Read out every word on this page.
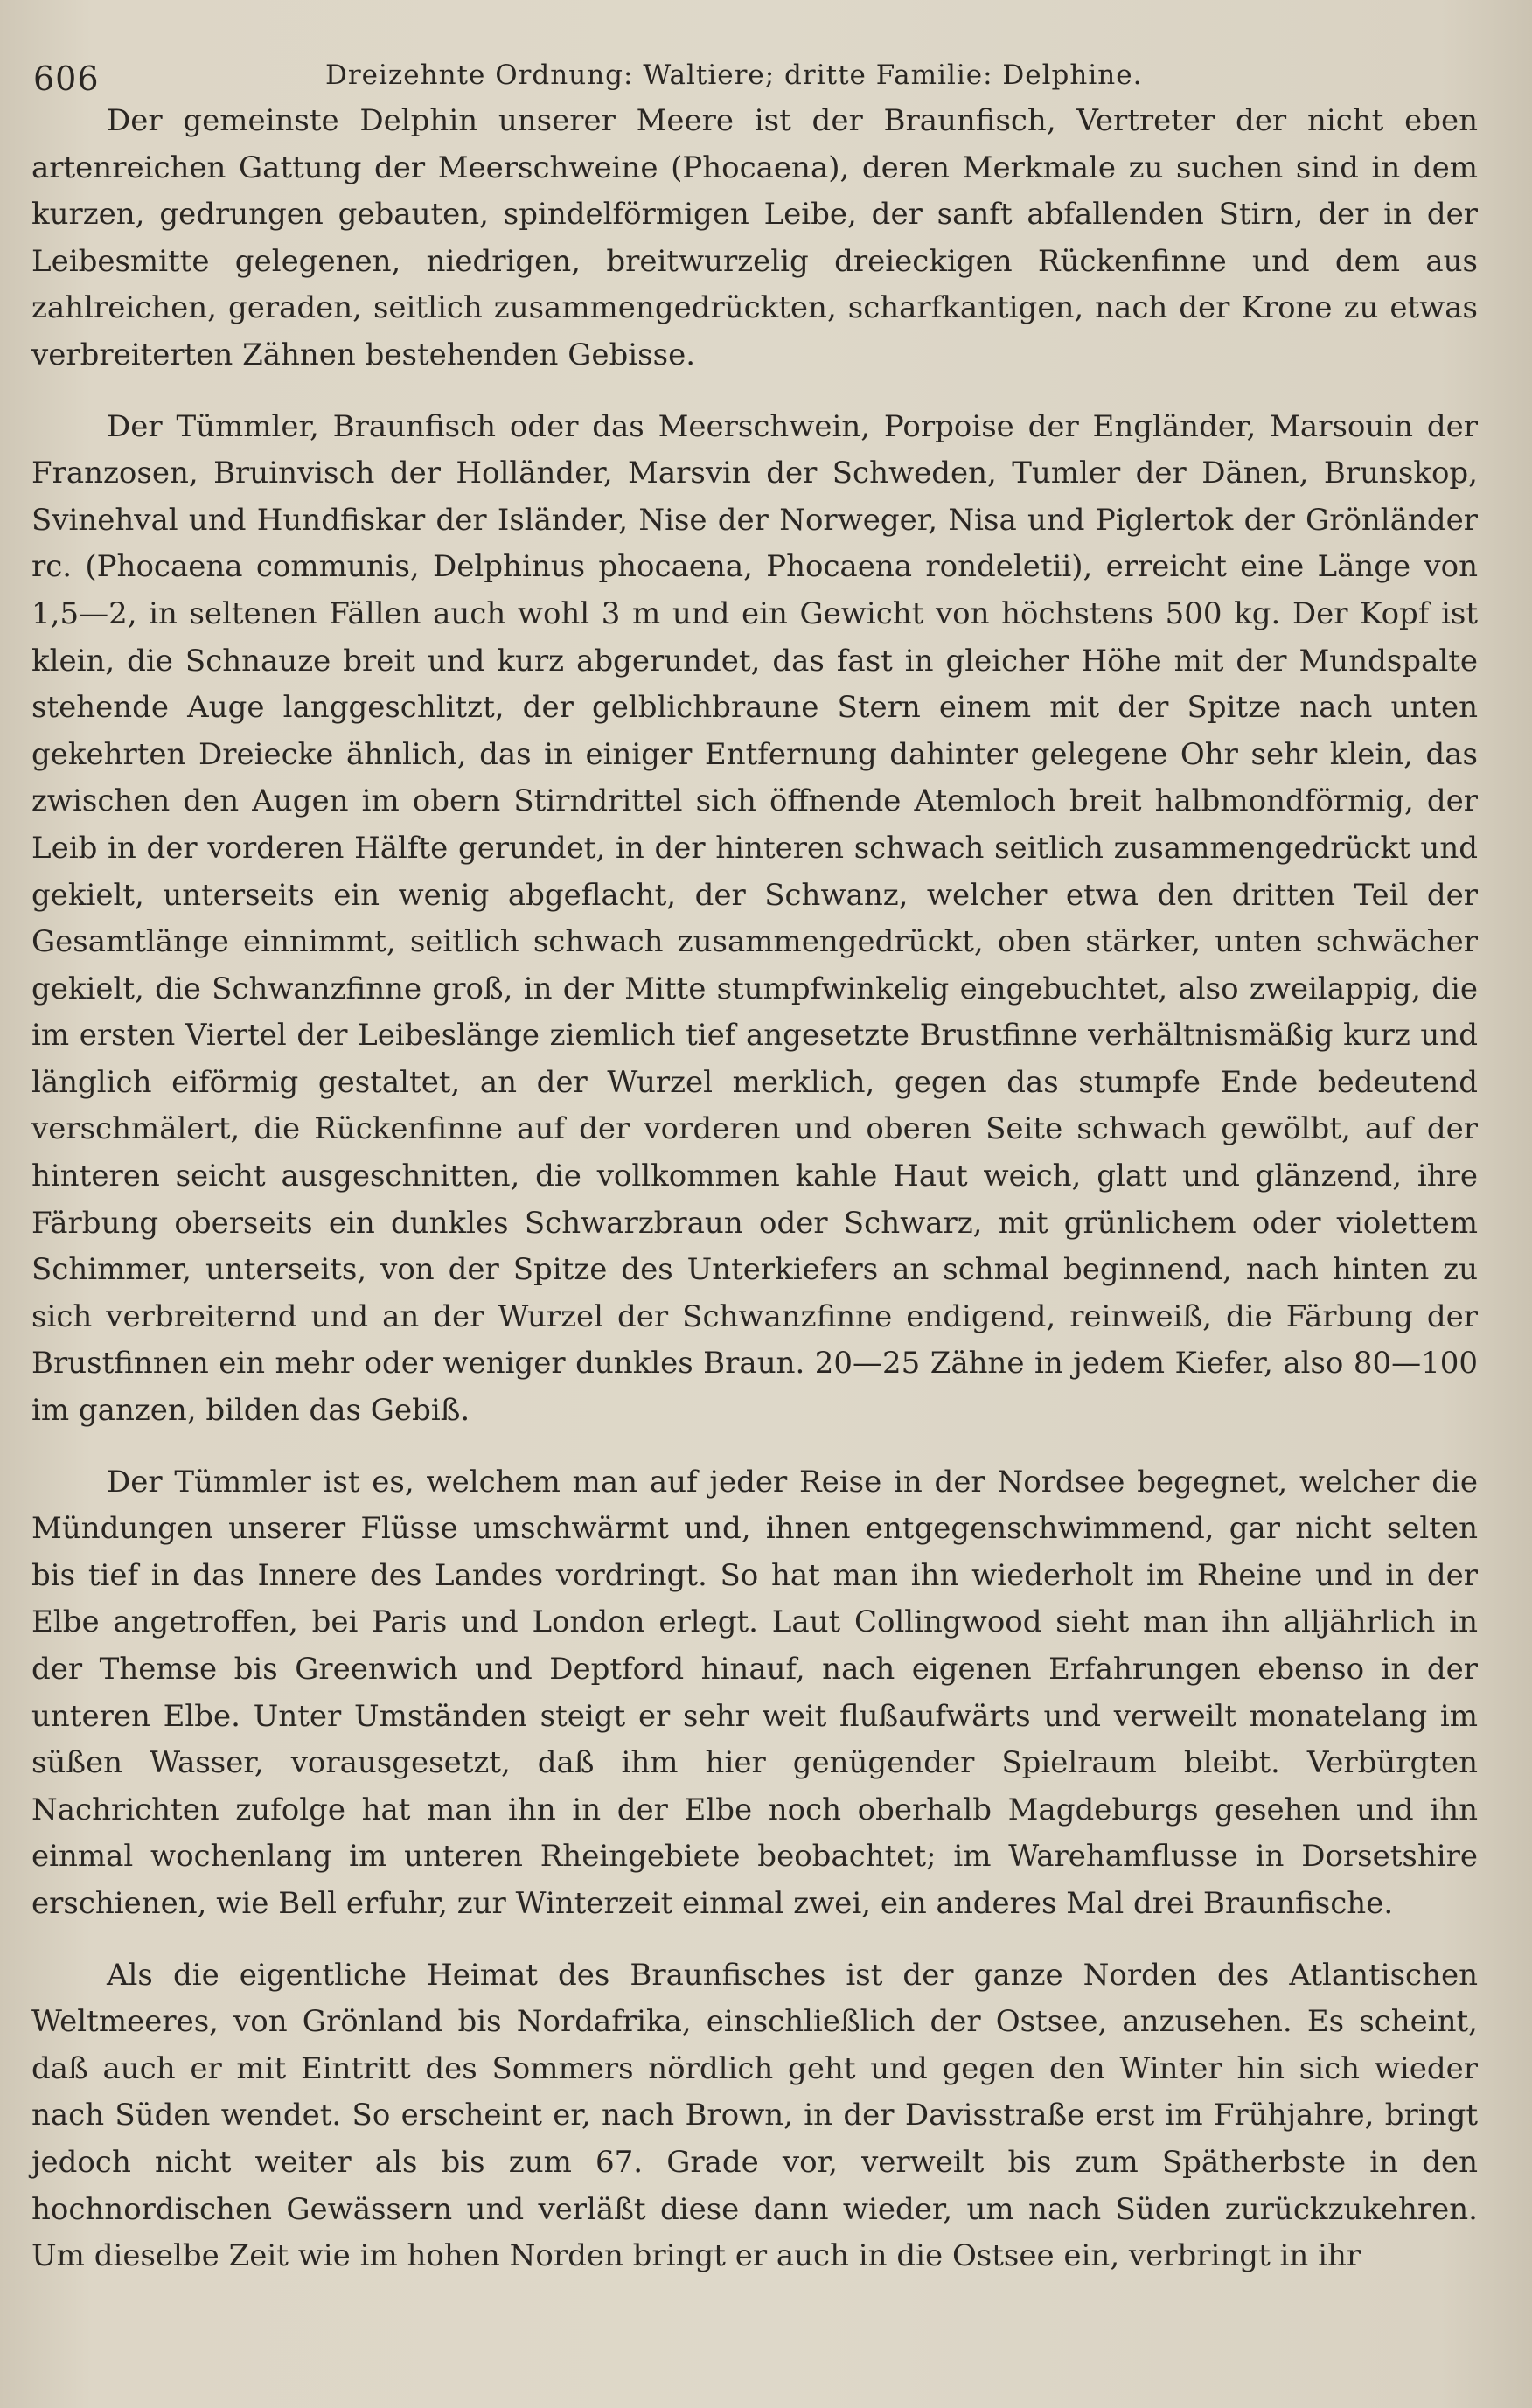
606	Dreizehnte Ordnung: Waltiere; dritte Familie: Delphine.

Der gemeinste Delphin unserer Meere ist der Braunfisch, Vertreter der nicht eben artenreichen Gattung der Meerschweine (Phocaena), deren Merkmale zu suchen sind in dem kurzen, gedrungen gebauten, spindelförmigen Leibe, der sanft abfallenden Stirn, der in der Leibesmitte gelegenen, niedrigen, breitwurzelig dreieckigen Rückenfinne und dem aus zahlreichen, geraden, seitlich zusammengedrückten, scharfkantigen, nach der Krone zu etwas verbreiterten Zähnen bestehenden Gebisse.

Der Tümmler, Braunfisch oder das Meerschwein, Porpoise der Engländer, Marsouin der Franzosen, Bruinvisch der Holländer, Marsvin der Schweden, Tumler der Dänen, Brunskop, Svinehval und Hundfiskar der Isländer, Nise der Norweger, Nisa und Piglertok der Grönländer rc. (Phocaena communis, Delphinus phocaena, Phocaena rondeletii), erreicht eine Länge von 1,5—2, in seltenen Fällen auch wohl 3 m und ein Gewicht von höchstens 500 kg. Der Kopf ist klein, die Schnauze breit und kurz abgerundet, das fast in gleicher Höhe mit der Mundspalte stehende Auge langgeschlitzt, der gelblichbraune Stern einem mit der Spitze nach unten gekehrten Dreiecke ähnlich, das in einiger Entfernung dahinter gelegene Ohr sehr klein, das zwischen den Augen im obern Stirndrittel sich öffnende Atemloch breit halbmondförmig, der Leib in der vorderen Hälfte gerundet, in der hinteren schwach seitlich zusammengedrückt und gekielt, unterseits ein wenig abgeflacht, der Schwanz, welcher etwa den dritten Teil der Gesamtlänge einnimmt, seitlich schwach zusammengedrückt, oben stärker, unten schwächer gekielt, die Schwanzfinne groß, in der Mitte stumpfwinkelig eingebuchtet, also zweilappig, die im ersten Viertel der Leibeslänge ziemlich tief angesetzte Brustfinne verhältnismäßig kurz und länglich eiförmig gestaltet, an der Wurzel merklich, gegen das stumpfe Ende bedeutend verschmälert, die Rückenfinne auf der vorderen und oberen Seite schwach gewölbt, auf der hinteren seicht ausgeschnitten, die vollkommen kahle Haut weich, glatt und glänzend, ihre Färbung oberseits ein dunkles Schwarzbraun oder Schwarz, mit grünlichem oder violettem Schimmer, unterseits, von der Spitze des Unterkiefers an schmal beginnend, nach hinten zu sich verbreiternd und an der Wurzel der Schwanzfinne endigend, reinweiß, die Färbung der Brustfinnen ein mehr oder weniger dunkles Braun. 20—25 Zähne in jedem Kiefer, also 80—100 im ganzen, bilden das Gebiß.

Der Tümmler ist es, welchem man auf jeder Reise in der Nordsee begegnet, welcher die Mündungen unserer Flüsse umschwärmt und, ihnen entgegenschwimmend, gar nicht selten bis tief in das Innere des Landes vordringt. So hat man ihn wiederholt im Rheine und in der Elbe angetroffen, bei Paris und London erlegt. Laut Collingwood sieht man ihn alljährlich in der Themse bis Greenwich und Deptford hinauf, nach eigenen Erfahrungen ebenso in der unteren Elbe. Unter Umständen steigt er sehr weit flußaufwärts und verweilt monatelang im süßen Wasser, vorausgesetzt, daß ihm hier genügender Spielraum bleibt. Verbürgten Nachrichten zufolge hat man ihn in der Elbe noch oberhalb Magdeburgs gesehen und ihn einmal wochenlang im unteren Rheingebiete beobachtet; im Warehamflusse in Dorsetshire erschienen, wie Bell erfuhr, zur Winterzeit einmal zwei, ein anderes Mal drei Braunfische.

Als die eigentliche Heimat des Braunfisches ist der ganze Norden des Atlantischen Weltmeeres, von Grönland bis Nordafrika, einschließlich der Ostsee, anzusehen. Es scheint, daß auch er mit Eintritt des Sommers nördlich geht und gegen den Winter hin sich wieder nach Süden wendet. So erscheint er, nach Brown, in der Davisstraße erst im Frühjahre, bringt jedoch nicht weiter als bis zum 67. Grade vor, verweilt bis zum Spätherbste in den hochnordischen Gewässern und verläßt diese dann wieder, um nach Süden zurückzukehren. Um dieselbe Zeit wie im hohen Norden bringt er auch in die Ostsee ein, verbringt in ihr
